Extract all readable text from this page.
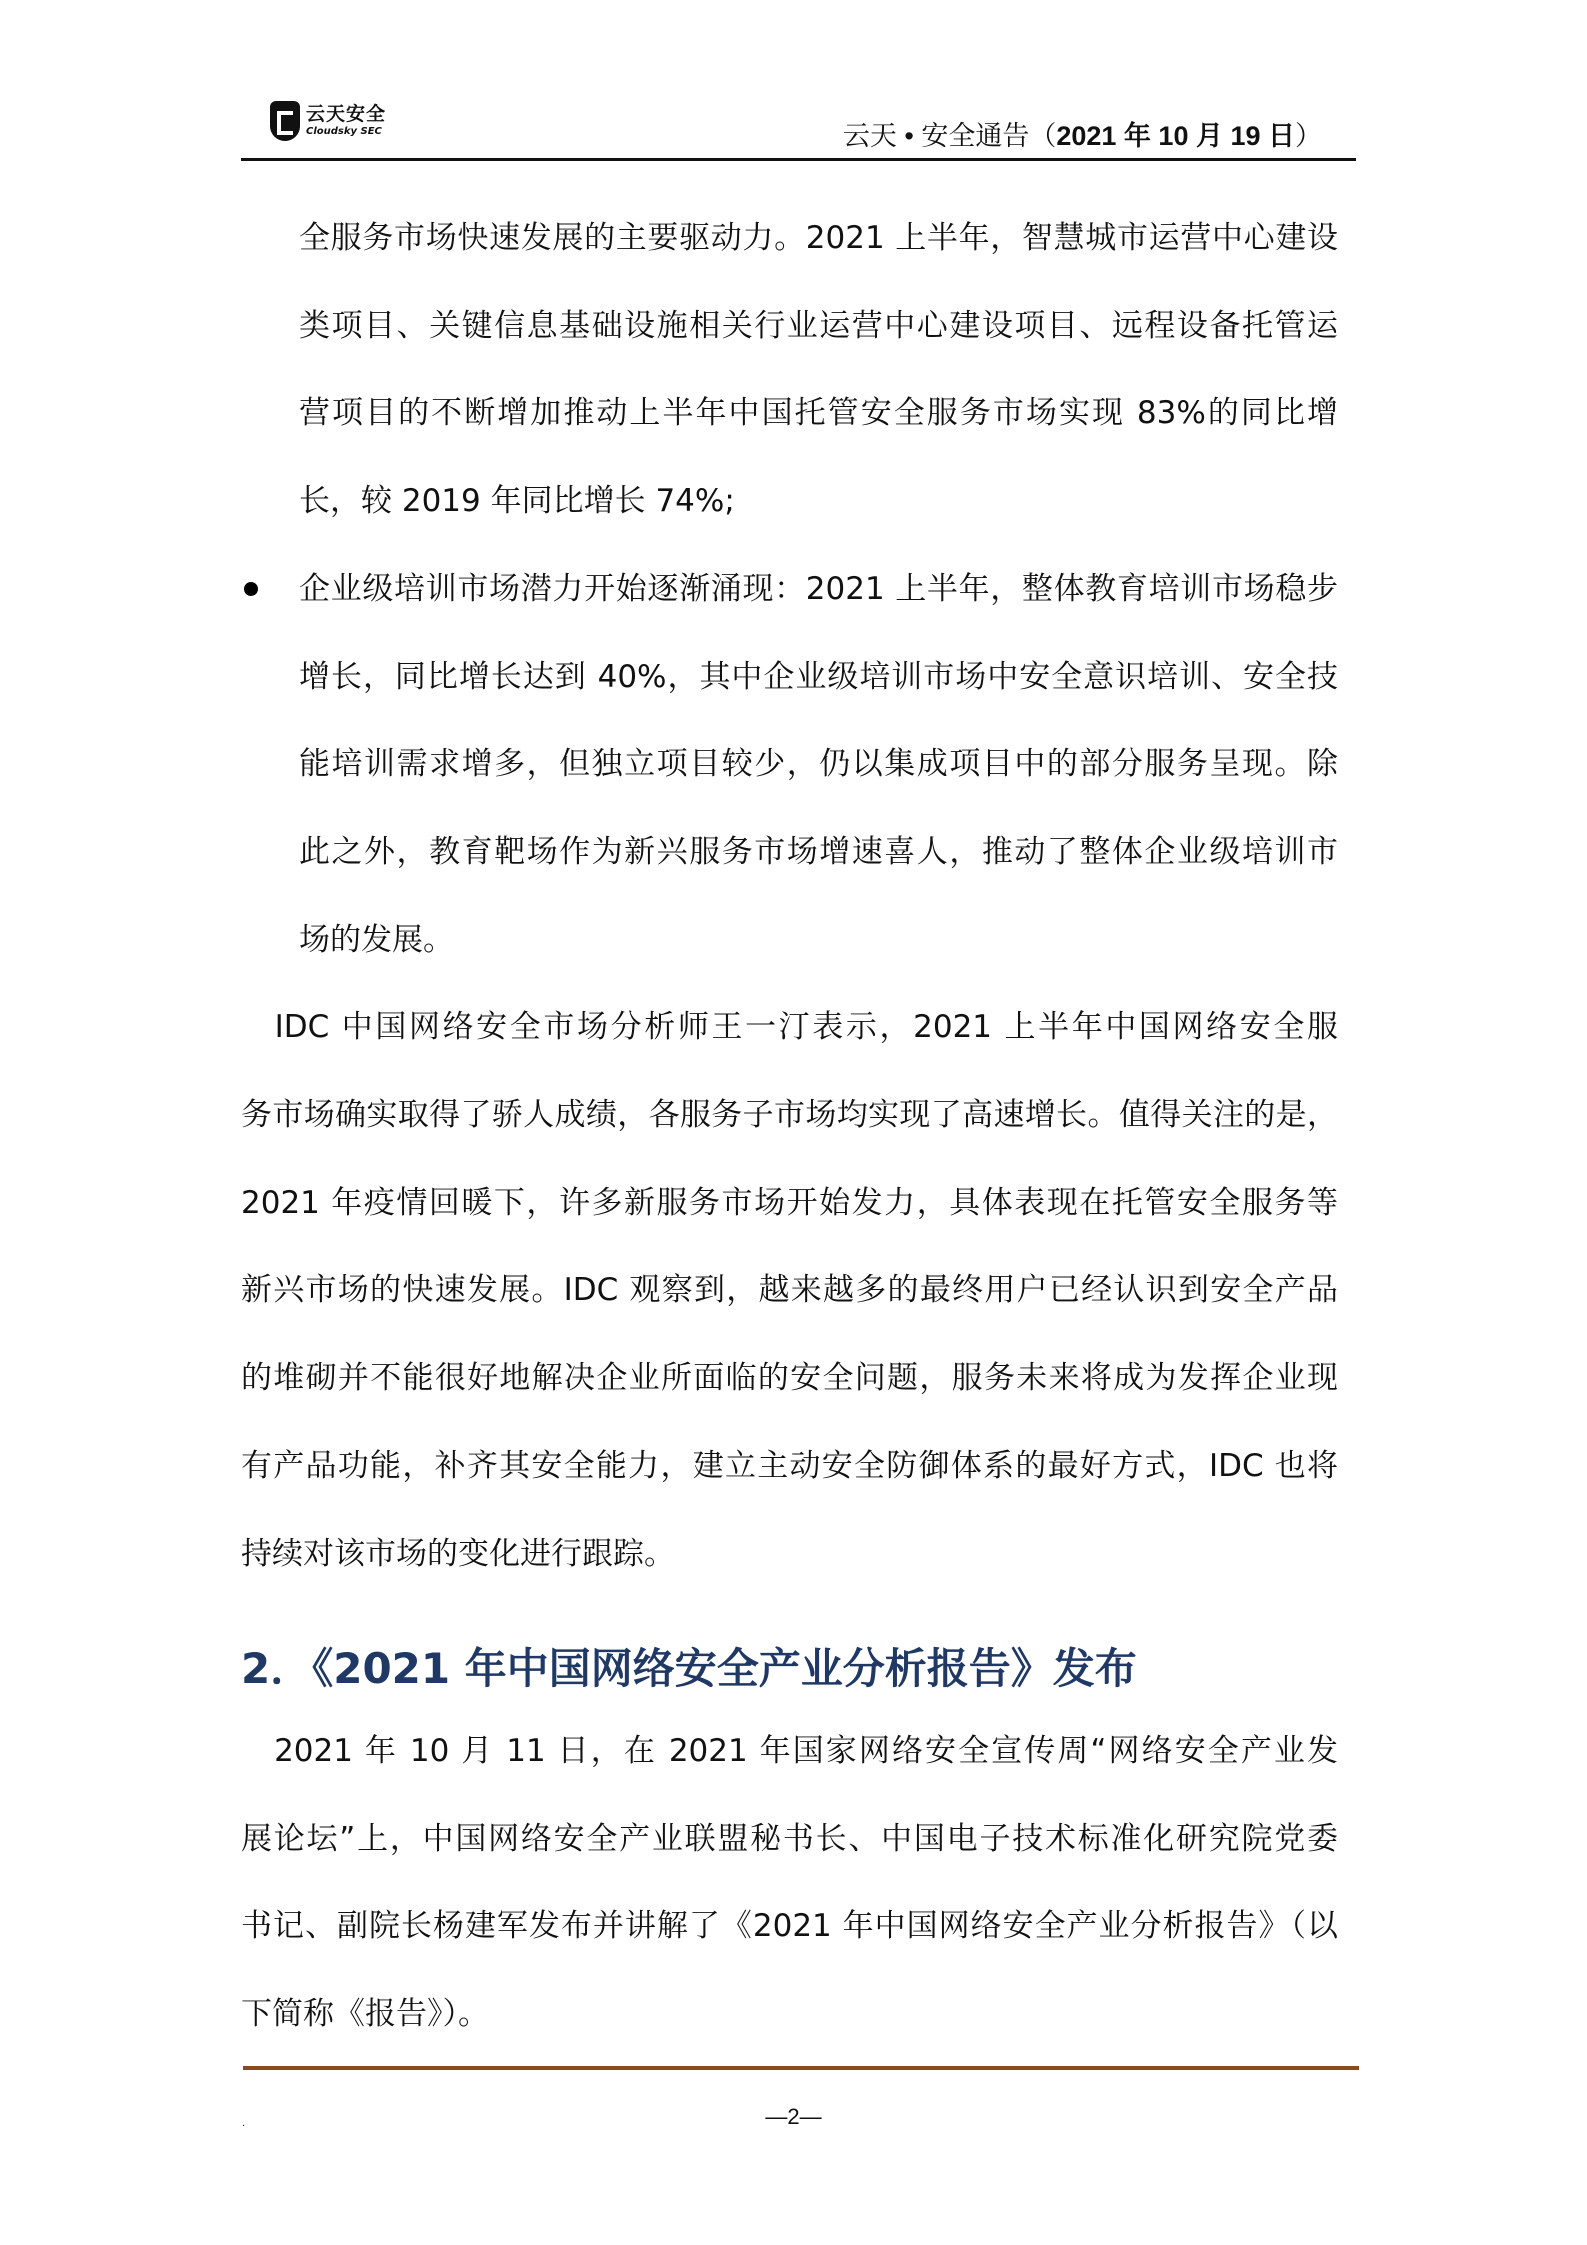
云天安全
Cloudsky SEC	云天 • 安全通告（2021 年 10 月 19 日）
全服务市场快速发展的主要驱动力。2021 上半年，智慧城市运营中心建设
类项目、关键信息基础设施相关行业运营中心建设项目、远程设备托管运
营项目的不断增加推动上半年中国托管安全服务市场实现 83%的同比增
长，较 2019 年同比增长 74%;
企业级培训市场潜力开始逐渐涌现：2021 上半年，整体教育培训市场稳步
增长，同比增长达到 40%，其中企业级培训市场中安全意识培训、安全技
能培训需求增多，但独立项目较少，仍以集成项目中的部分服务呈现。除
此之外，教育靶场作为新兴服务市场增速喜人，推动了整体企业级培训市
场的发展。
　IDC 中国网络安全市场分析师王一汀表示，2021 上半年中国网络安全服
务市场确实取得了骄人成绩，各服务子市场均实现了高速增长。值得关注的是，
2021 年疫情回暖下，许多新服务市场开始发力，具体表现在托管安全服务等
新兴市场的快速发展。IDC 观察到，越来越多的最终用户已经认识到安全产品
的堆砌并不能很好地解决企业所面临的安全问题，服务未来将成为发挥企业现
有产品功能，补齐其安全能力，建立主动安全防御体系的最好方式，IDC 也将
持续对该市场的变化进行跟踪。
　2021 年 10 月 11 日，在 2021 年国家网络安全宣传周“网络安全产业发
展论坛”上，中国网络安全产业联盟秘书长、中国电子技术标准化研究院党委
书记、副院长杨建军发布并讲解了《2021 年中国网络安全产业分析报告》（以
下简称《报告》）。
2．《2021 年中国网络安全产业分析报告》发布
.	—2—
